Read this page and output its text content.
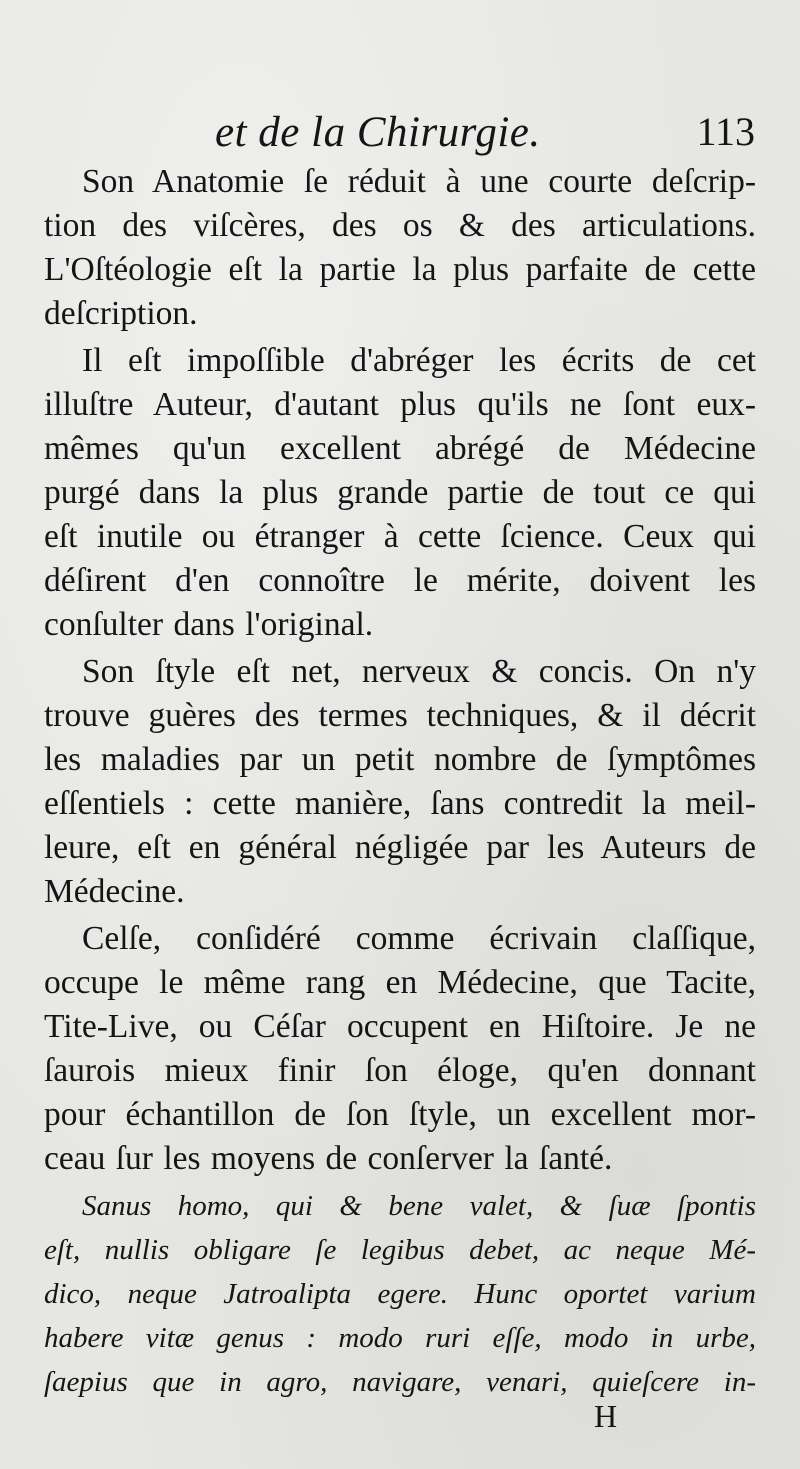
et de la Chirurgie.	113
Son Anatomie ſe réduit à une courte deſcrip-
tion des viſcères, des os & des articulations.
L'Oſtéologie eſt la partie la plus parfaite de cette
deſcription.
Il eſt impoſſible d'abréger les écrits de cet
illuſtre Auteur, d'autant plus qu'ils ne ſont eux-
mêmes qu'un excellent abrégé de Médecine
purgé dans la plus grande partie de tout ce qui
eſt inutile ou étranger à cette ſcience. Ceux qui
déſirent d'en connoître le mérite, doivent les
conſulter dans l'original.
Son ſtyle eſt net, nerveux & concis. On n'y
trouve guères des termes techniques, & il décrit
les maladies par un petit nombre de ſymptômes
eſſentiels : cette manière, ſans contredit la meil-
leure, eſt en général négligée par les Auteurs de
Médecine.
Celſe, conſidéré comme écrivain claſſique,
occupe le même rang en Médecine, que Tacite,
Tite-Live, ou Céſar occupent en Hiſtoire. Je ne
ſaurois mieux finir ſon éloge, qu'en donnant
pour échantillon de ſon ſtyle, un excellent mor-
ceau ſur les moyens de conſerver la ſanté.
Sanus homo, qui & bene valet, & ſuæ ſpontis
eſt, nullis obligare ſe legibus debet, ac neque Mé-
dico, neque Jatroalipta egere. Hunc oportet varium
habere vitæ genus : modo ruri eſſe, modo in urbe,
ſaepius que in agro, navigare, venari, quieſcere in-
H
